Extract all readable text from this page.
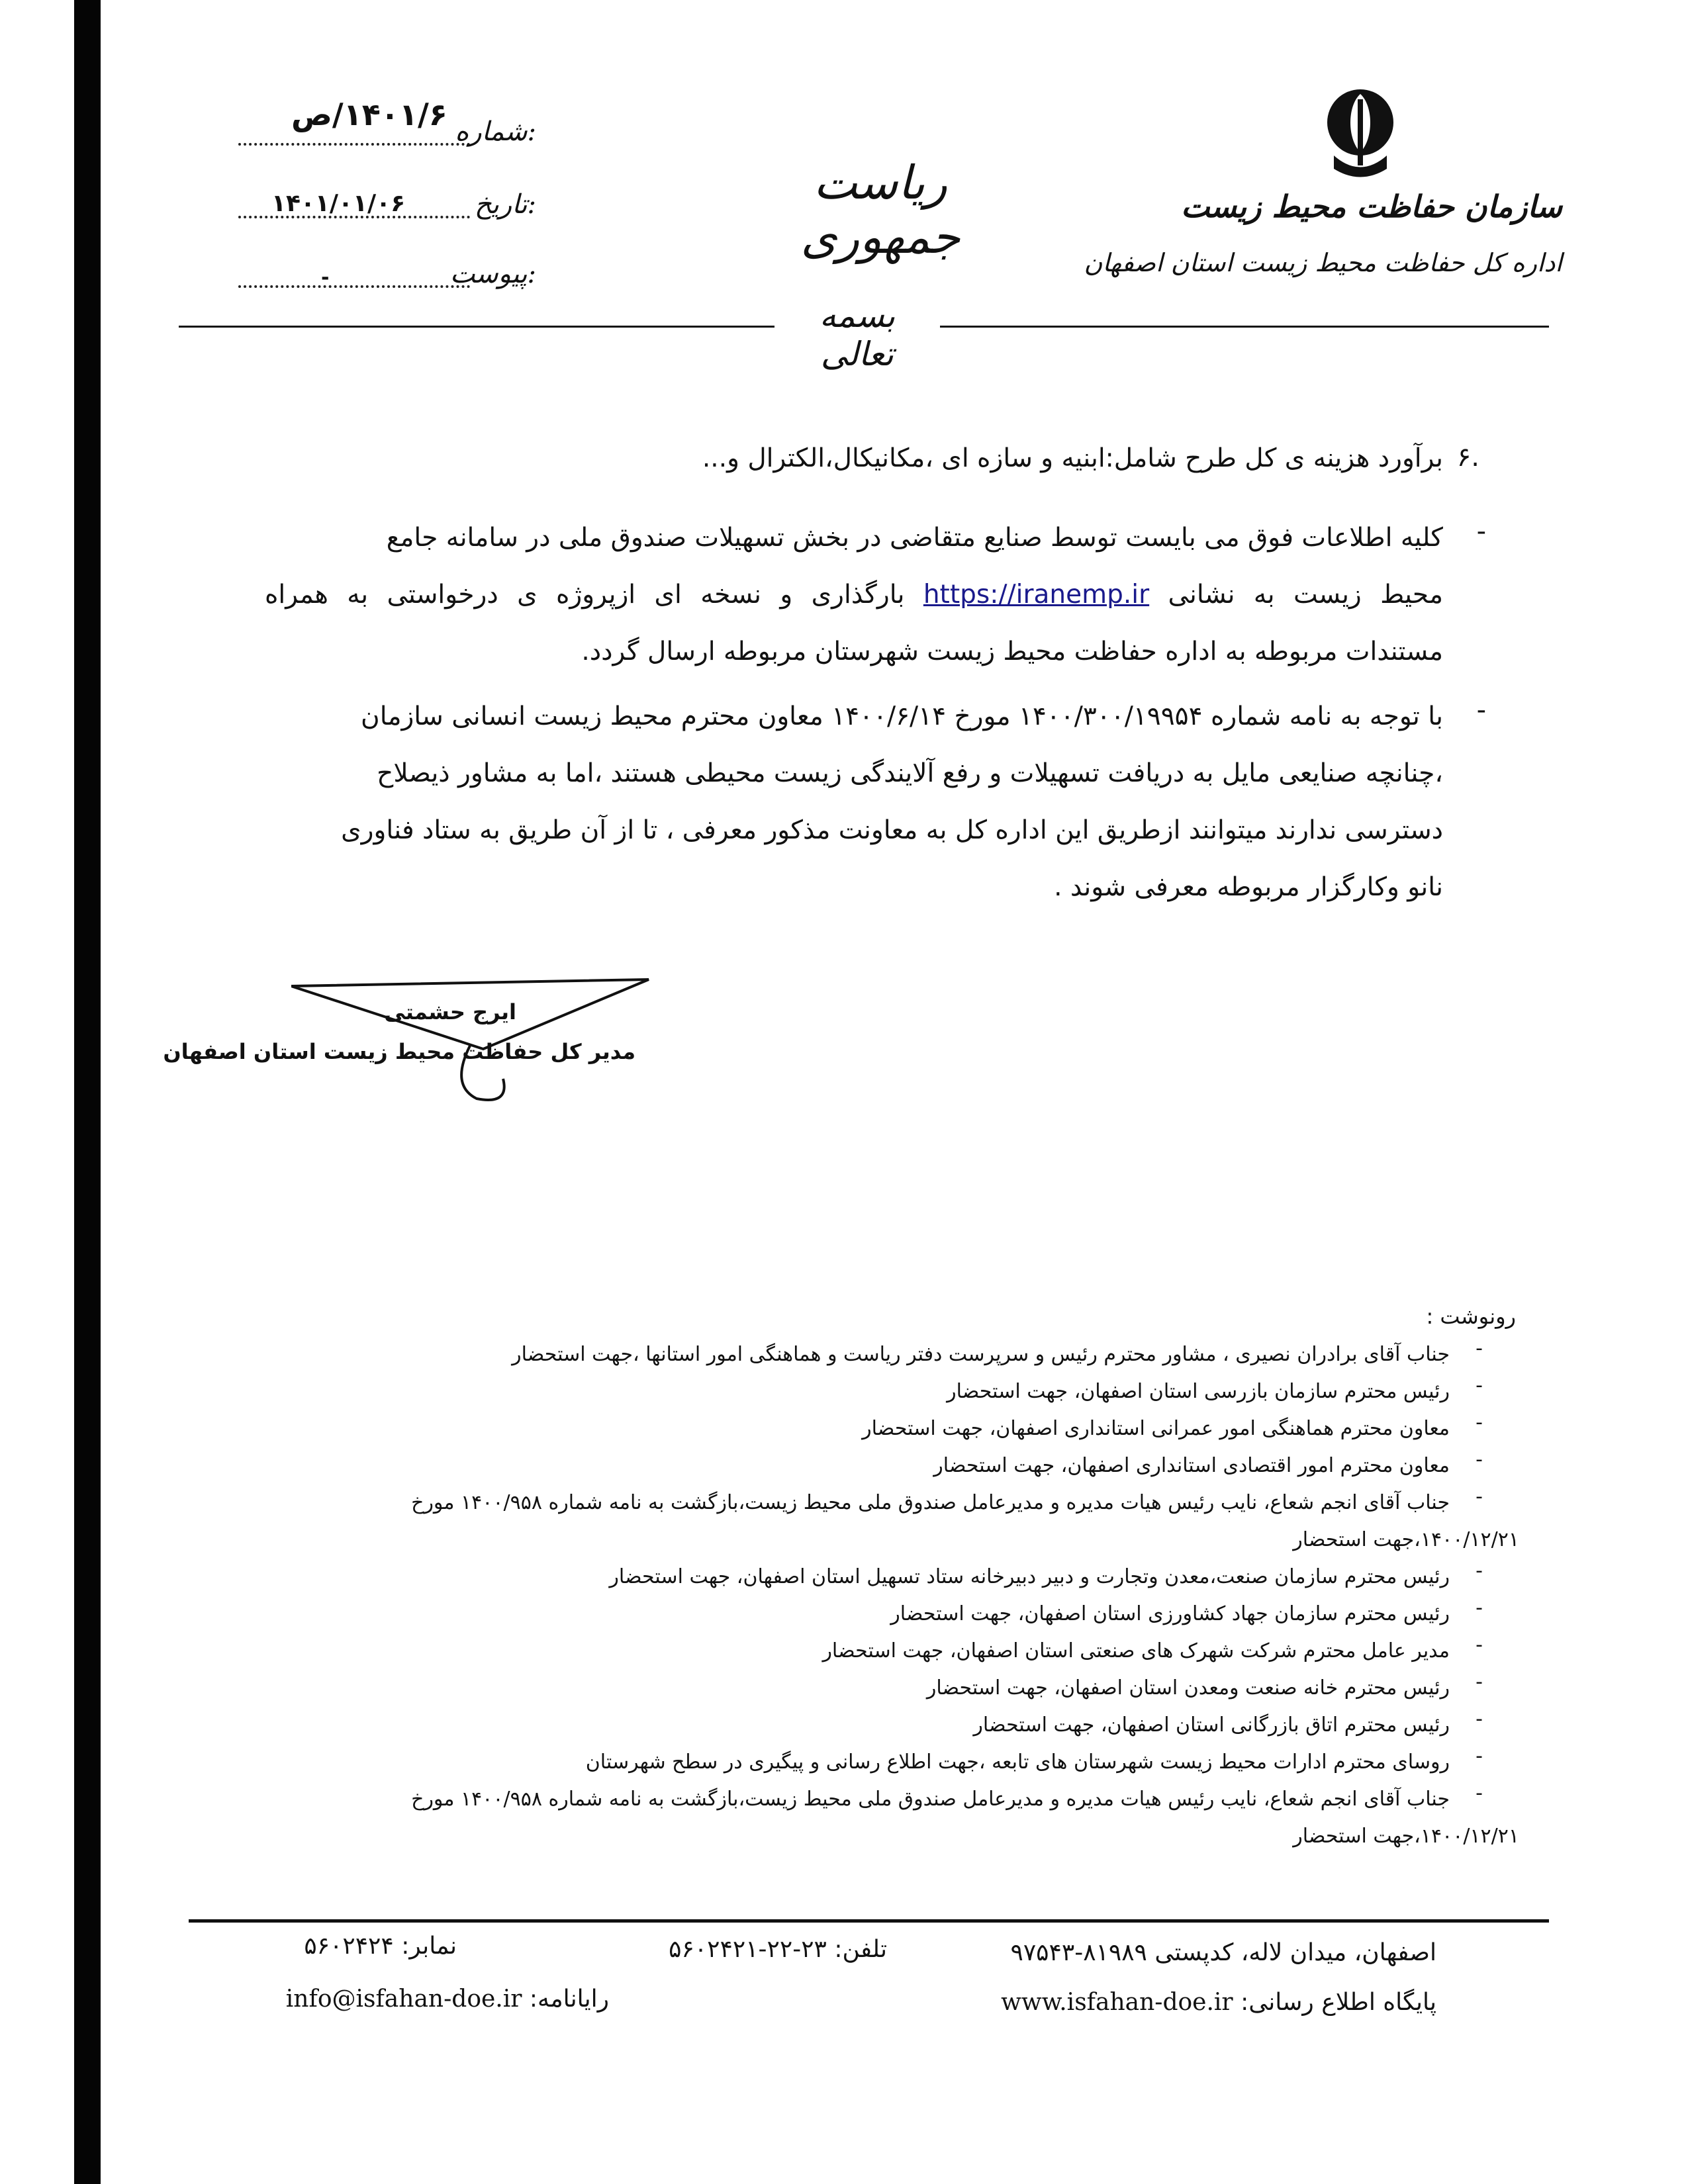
سازمان حفاظت محیط زیست
اداره کل حفاظت محیط زیست استان اصفهان
ریاست جمهوری
بسمه تعالی
شماره:
۱۴۰۱/۶/ص
تاریخ:
۱۴۰۱/۰۱/۰۶
پیوست:
-
۶.
برآورد هزینه ی کل طرح شامل:ابنیه و سازه ای ،مکانیکال،الکترال و...
-
کلیه اطلاعات فوق می بایست توسط صنایع متقاضی در بخش تسهیلات صندوق ملی در سامانه جامع
محیط زیست به نشانی https://iranemp.ir بارگذاری و نسخه ای ازپروژه ی درخواستی به همراه
مستندات مربوطه به اداره حفاظت محیط زیست شهرستان مربوطه ارسال گردد.
-
با توجه به نامه شماره ۱۴۰۰/۳۰۰/۱۹۹۵۴ مورخ ۱۴۰۰/۶/۱۴ معاون محترم محیط زیست انسانی سازمان
،چنانچه صنایعی مایل به دریافت تسهیلات و رفع آلایندگی زیست محیطی هستند ،اما به مشاور ذیصلاح
دسترسی ندارند میتوانند ازطریق این اداره کل به معاونت مذکور معرفی ، تا از آن طریق به ستاد فناوری
نانو وکارگزار مربوطه معرفی شوند .
ایرج حشمتی
مدیر کل حفاظت محیط زیست استان اصفهان
رونوشت :
-
جناب آقای برادران نصیری ، مشاور محترم رئیس و سرپرست دفتر ریاست و هماهنگی امور استانها ،جهت استحضار
-
رئیس محترم سازمان بازرسی استان اصفهان، جهت استحضار
-
معاون محترم هماهنگی امور عمرانی استانداری اصفهان، جهت استحضار
-
معاون محترم امور اقتصادی استانداری اصفهان، جهت استحضار
-
جناب آقای انجم شعاع، نایب رئیس هیات مدیره و مدیرعامل صندوق ملی محیط زیست،بازگشت به نامه شماره ۱۴۰۰/۹۵۸ مورخ
۱۴۰۰/۱۲/۲۱،جهت استحضار
-
رئیس محترم سازمان صنعت،معدن وتجارت و دبیر دبیرخانه ستاد تسهیل استان اصفهان، جهت استحضار
-
رئیس محترم سازمان جهاد کشاورزی استان اصفهان، جهت استحضار
-
مدیر عامل محترم شرکت شهرک های صنعتی استان اصفهان، جهت استحضار
-
رئیس محترم خانه صنعت ومعدن استان اصفهان، جهت استحضار
-
رئیس محترم اتاق بازرگانی استان اصفهان، جهت استحضار
-
روسای محترم ادارات محیط زیست شهرستان های تابعه ،جهت اطلاع رسانی و پیگیری در سطح شهرستان
-
جناب آقای انجم شعاع، نایب رئیس هیات مدیره و مدیرعامل صندوق ملی محیط زیست،بازگشت به نامه شماره ۱۴۰۰/۹۵۸ مورخ
۱۴۰۰/۱۲/۲۱،جهت استحضار
اصفهان، میدان لاله، کدپستی ۸۱۹۸۹-۹۷۵۴۳
تلفن: ۲۳-۲۲-۵۶۰۲۴۲۱
نمابر: ۵۶۰۲۴۲۴
پایگاه اطلاع رسانی: www.isfahan-doe.ir
رایانامه: info@isfahan-doe.ir
